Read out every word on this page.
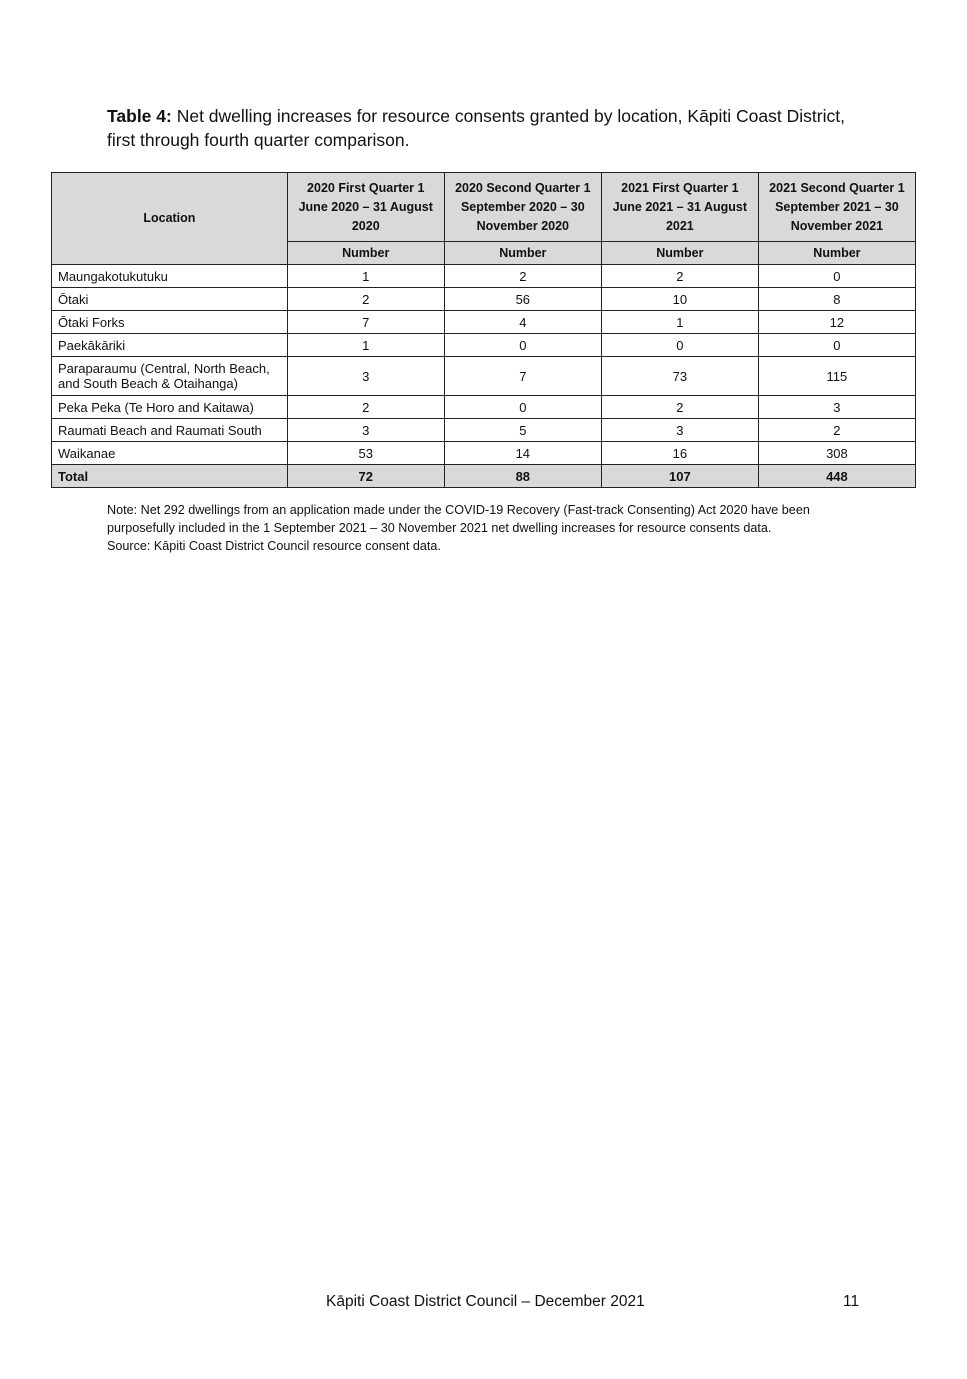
Table 4: Net dwelling increases for resource consents granted by location, Kāpiti Coast District, first through fourth quarter comparison.
Location	2020 First Quarter 1 June 2020 – 31 August 2020	2020 Second Quarter 1 September 2020 – 30 November 2020	2021 First Quarter 1 June 2021 – 31 August 2021	2021 Second Quarter 1 September 2021 – 30 November 2021
	Number	Number	Number	Number
Maungakotukutuku	1	2	2	0
Ōtaki	2	56	10	8
Ōtaki Forks	7	4	1	12
Paekākāriki	1	0	0	0
Paraparaumu (Central, North Beach, and South Beach & Otaihanga)	3	7	73	115
Peka Peka (Te Horo and Kaitawa)	2	0	2	3
Raumati Beach and Raumati South	3	5	3	2
Waikanae	53	14	16	308
Total	72	88	107	448
Note: Net 292 dwellings from an application made under the COVID-19 Recovery (Fast-track Consenting) Act 2020 have been purposefully included in the 1 September 2021 – 30 November 2021 net dwelling increases for resource consents data.
Source: Kāpiti Coast District Council resource consent data.
Kāpiti Coast District Council – December 2021	11
